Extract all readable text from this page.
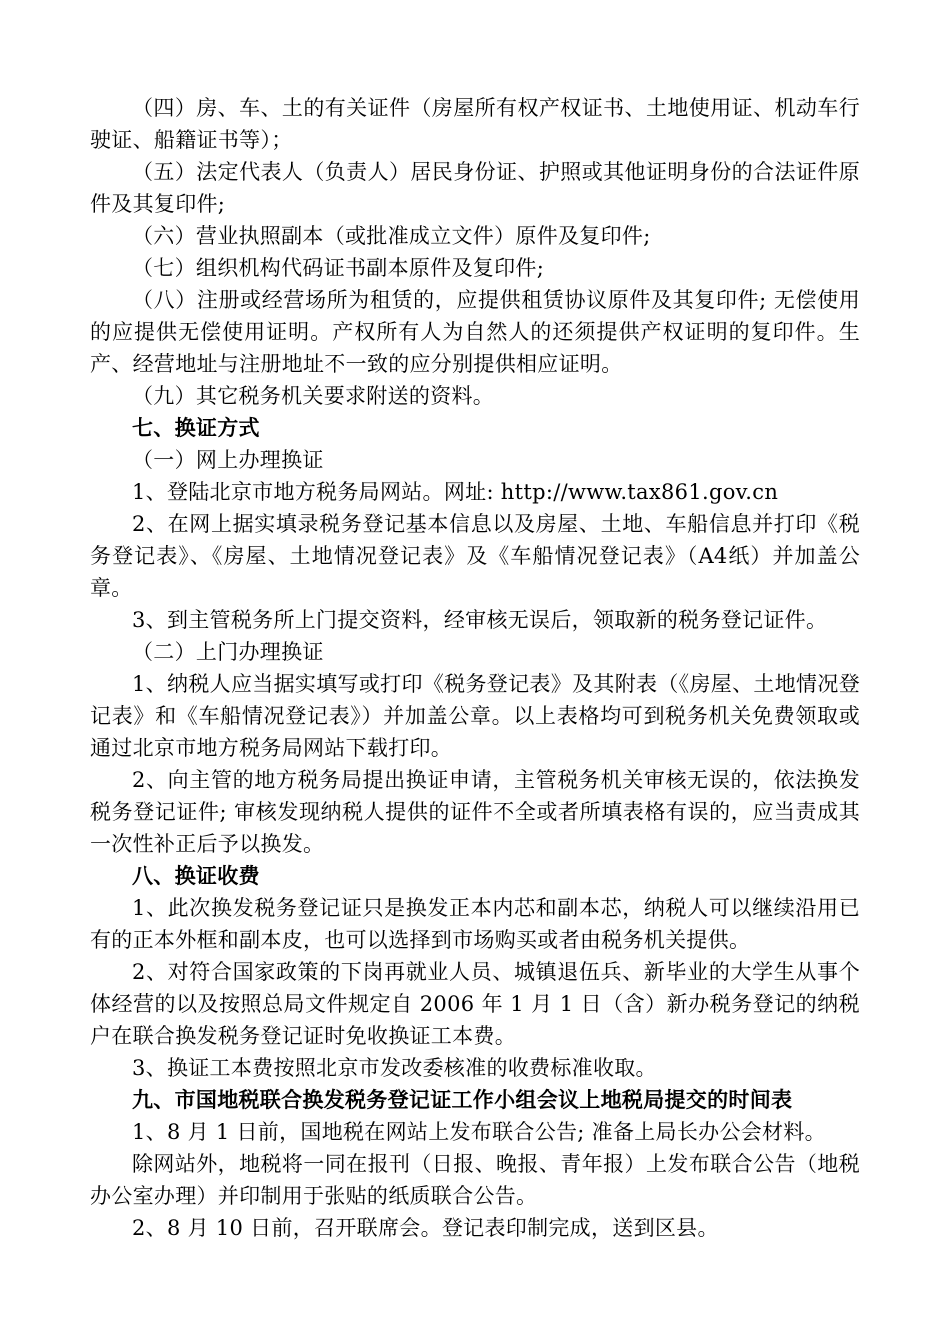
（四）房、车、土的有关证件（房屋所有权产权证书、土地使用证、机动车行驶证、船籍证书等）；

（五）法定代表人（负责人）居民身份证、护照或其他证明身份的合法证件原件及其复印件;

（六）营业执照副本（或批准成立文件）原件及复印件;

（七）组织机构代码证书副本原件及复印件;

（八）注册或经营场所为租赁的，应提供租赁协议原件及其复印件; 无偿使用的应提供无偿使用证明。产权所有人为自然人的还须提供产权证明的复印件。生产、经营地址与注册地址不一致的应分别提供相应证明。

（九）其它税务机关要求附送的资料。

七、换证方式

（一）网上办理换证

1、登陆北京市地方税务局网站。网址: http://www.tax861.gov.cn

2、在网上据实填录税务登记基本信息以及房屋、土地、车船信息并打印《税务登记表》、《房屋、土地情况登记表》及《车船情况登记表》（A4纸）并加盖公章。

3、到主管税务所上门提交资料，经审核无误后，领取新的税务登记证件。

（二）上门办理换证

1、纳税人应当据实填写或打印《税务登记表》及其附表（《房屋、土地情况登记表》和《车船情况登记表》）并加盖公章。以上表格均可到税务机关免费领取或通过北京市地方税务局网站下载打印。

2、向主管的地方税务局提出换证申请，主管税务机关审核无误的，依法换发税务登记证件; 审核发现纳税人提供的证件不全或者所填表格有误的，应当责成其一次性补正后予以换发。

八、换证收费

1、此次换发税务登记证只是换发正本内芯和副本芯，纳税人可以继续沿用已有的正本外框和副本皮，也可以选择到市场购买或者由税务机关提供。

2、对符合国家政策的下岗再就业人员、城镇退伍兵、新毕业的大学生从事个体经营的以及按照总局文件规定自 2006 年 1 月 1 日（含）新办税务登记的纳税户在联合换发税务登记证时免收换证工本费。

3、换证工本费按照北京市发改委核准的收费标准收取。

九、市国地税联合换发税务登记证工作小组会议上地税局提交的时间表

1、8 月 1 日前，国地税在网站上发布联合公告; 准备上局长办公会材料。

除网站外，地税将一同在报刊（日报、晚报、青年报）上发布联合公告（地税办公室办理）并印制用于张贴的纸质联合公告。

2、8 月 10 日前，召开联席会。登记表印制完成，送到区县。
